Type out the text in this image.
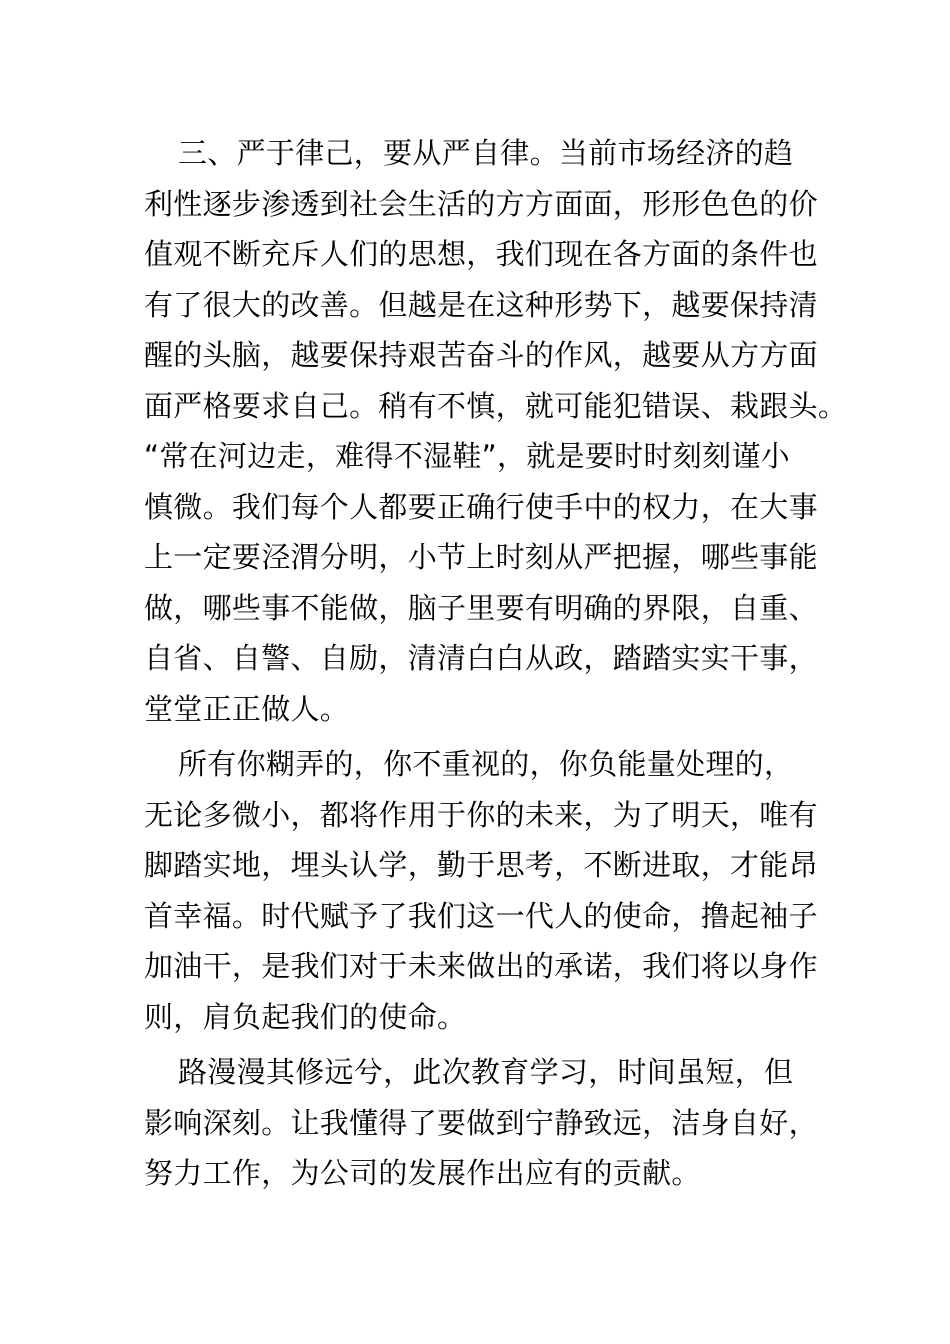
三、严于律己，要从严自律。当前市场经济的趋
利性逐步渗透到社会生活的方方面面，形形色色的价
值观不断充斥人们的思想，我们现在各方面的条件也
有了很大的改善。但越是在这种形势下，越要保持清
醒的头脑，越要保持艰苦奋斗的作风，越要从方方面
面严格要求自己。稍有不慎，就可能犯错误、栽跟头。
“常在河边走，难得不湿鞋”，就是要时时刻刻谨小
慎微。我们每个人都要正确行使手中的权力，在大事
上一定要泾渭分明，小节上时刻从严把握，哪些事能
做，哪些事不能做，脑子里要有明确的界限，自重、
自省、自警、自励，清清白白从政，踏踏实实干事，
堂堂正正做人。

所有你糊弄的，你不重视的，你负能量处理的，
无论多微小，都将作用于你的未来，为了明天，唯有
脚踏实地，埋头认学，勤于思考，不断进取，才能昂
首幸福。时代赋予了我们这一代人的使命，撸起袖子
加油干，是我们对于未来做出的承诺，我们将以身作
则，肩负起我们的使命。

路漫漫其修远兮，此次教育学习，时间虽短，但
影响深刻。让我懂得了要做到宁静致远，洁身自好，
努力工作，为公司的发展作出应有的贡献。
